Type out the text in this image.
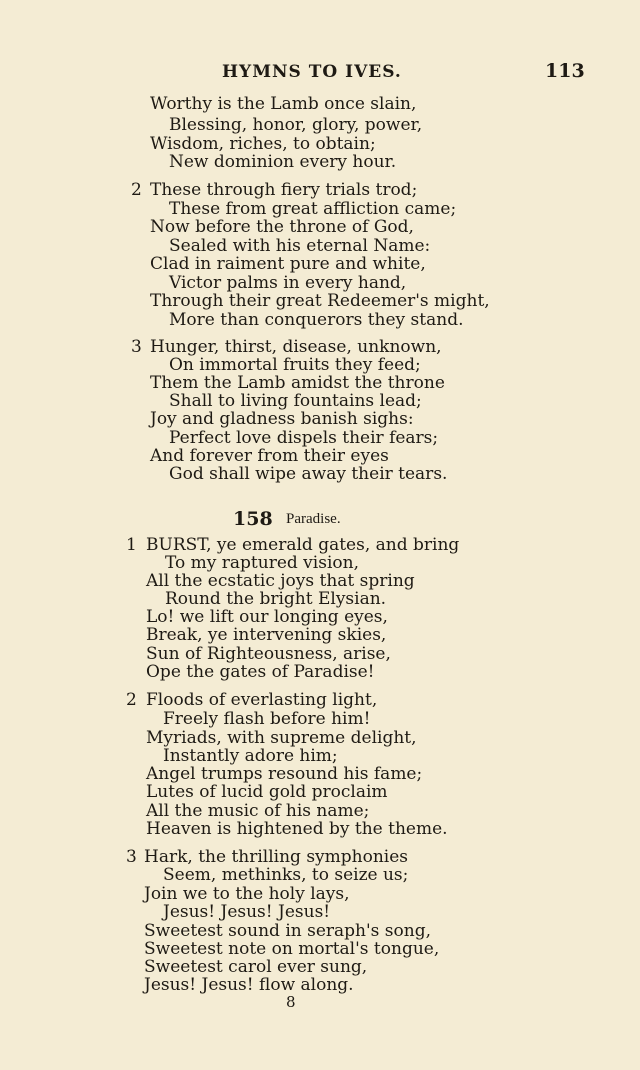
HYMNS TO IVES.	113
Worthy is the Lamb once slain,
Blessing, honor, glory, power,
Wisdom, riches, to obtain;
New dominion every hour.
2 These through fiery trials trod;
These from great affliction came;
Now before the throne of God,
Sealed with his eternal Name:
Clad in raiment pure and white,
Victor palms in every hand,
Through their great Redeemer's might,
More than conquerors they stand.
3 Hunger, thirst, disease, unknown,
On immortal fruits they feed;
Them the Lamb amidst the throne
Shall to living fountains lead;
Joy and gladness banish sighs:
Perfect love dispels their fears;
And forever from their eyes
God shall wipe away their tears.
158 Paradise.
1 BURST, ye emerald gates, and bring
To my raptured vision,
All the ecstatic joys that spring
Round the bright Elysian.
Lo! we lift our longing eyes,
Break, ye intervening skies,
Sun of Righteousness, arise,
Ope the gates of Paradise!
2 Floods of everlasting light,
Freely flash before him!
Myriads, with supreme delight,
Instantly adore him;
Angel trumps resound his fame;
Lutes of lucid gold proclaim
All the music of his name;
Heaven is hightened by the theme.
3 Hark, the thrilling symphonies
Seem, methinks, to seize us;
Join we to the holy lays,
Jesus! Jesus! Jesus!
Sweetest sound in seraph's song,
Sweetest note on mortal's tongue,
Sweetest carol ever sung,
Jesus! Jesus! flow along.
8
